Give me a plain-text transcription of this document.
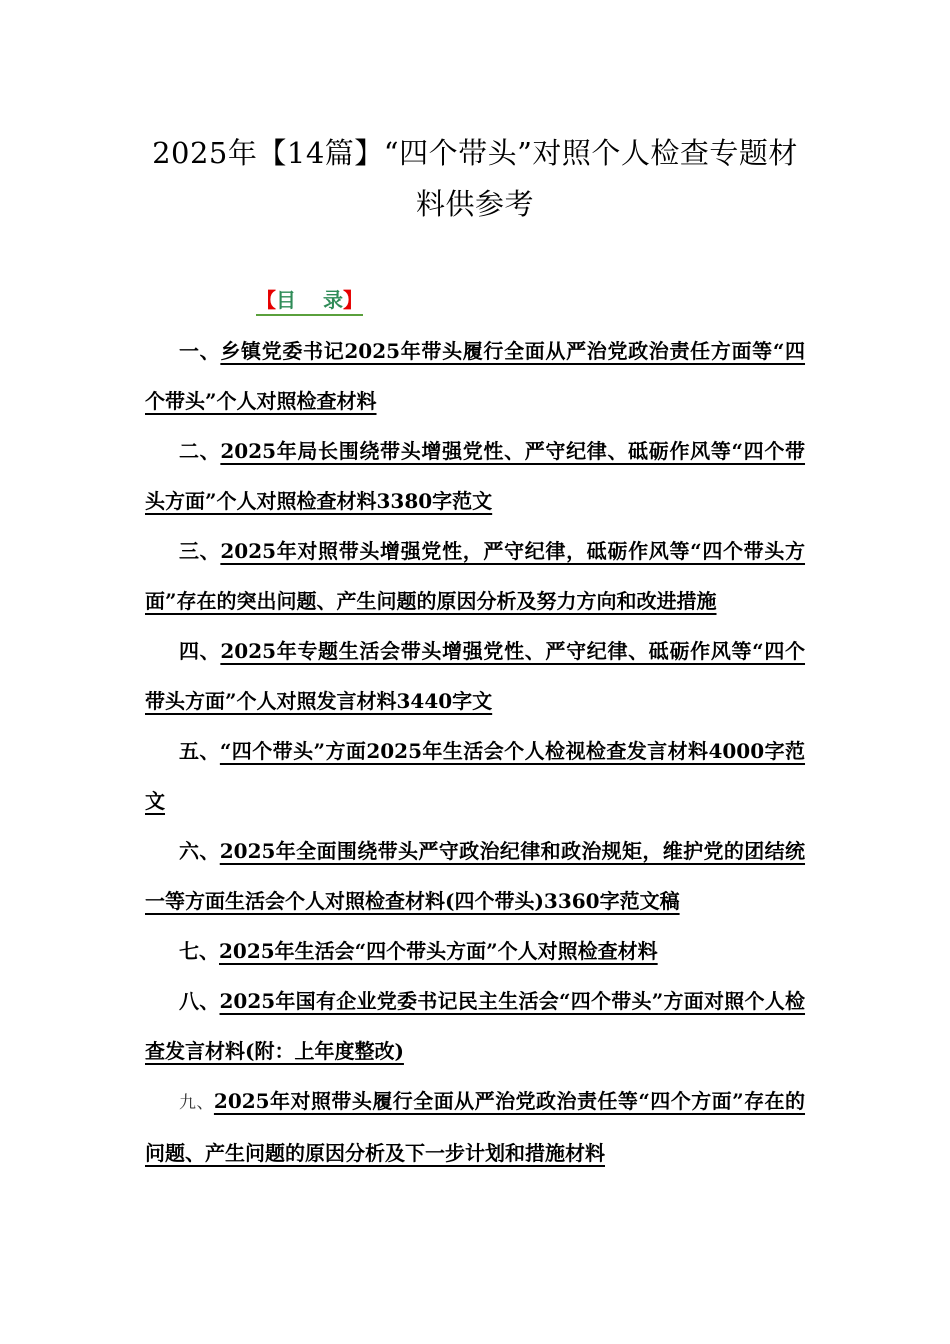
2025年【14篇】“四个带头”对照个人检查专题材料供参考
【目　 录】
一、乡镇党委书记2025年带头履行全面从严治党政治责任方面等“四个带头”个人对照检查材料
二、2025年局长围绕带头增强党性、严守纪律、砥砺作风等“四个带头方面”个人对照检查材料3380字范文
三、2025年对照带头增强党性，严守纪律，砥砺作风等“四个带头方面”存在的突出问题、产生问题的原因分析及努力方向和改进措施
四、2025年专题生活会带头增强党性、严守纪律、砥砺作风等“四个带头方面”个人对照发言材料3440字文
五、“四个带头”方面2025年生活会个人检视检查发言材料4000字范文
六、2025年全面围绕带头严守政治纪律和政治规矩，维护党的团结统一等方面生活会个人对照检查材料(四个带头)3360字范文稿
七、2025年生活会“四个带头方面”个人对照检查材料
八、2025年国有企业党委书记民主生活会“四个带头”方面对照个人检查发言材料(附：上年度整改)
九、2025年对照带头履行全面从严治党政治责任等“四个方面”存在的问题、产生问题的原因分析及下一步计划和措施材料
